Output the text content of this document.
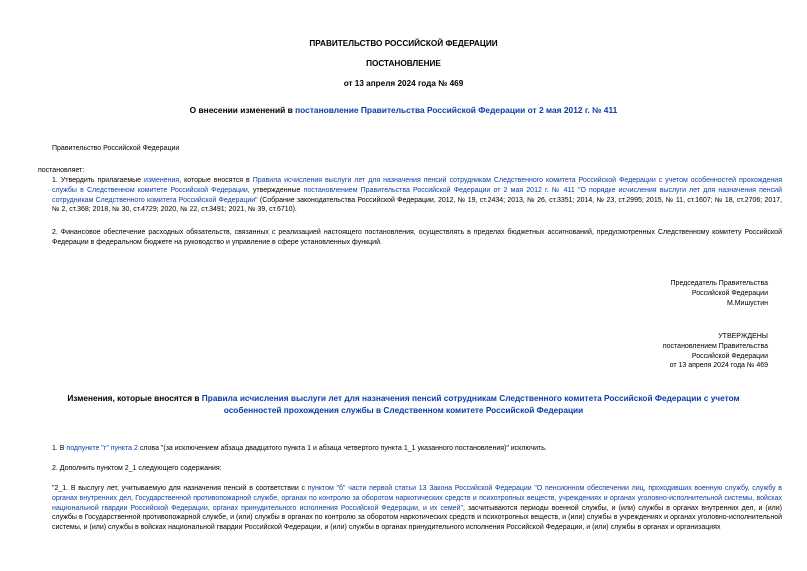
ПРАВИТЕЛЬСТВО РОССИЙСКОЙ ФЕДЕРАЦИИ
ПОСТАНОВЛЕНИЕ
от 13 апреля 2024 года № 469
О внесении изменений в постановление Правительства Российской Федерации от 2 мая 2012 г. № 411
Правительство Российской Федерации
постановляет:
1. Утвердить прилагаемые изменения, которые вносятся в Правила исчисления выслуги лет для назначения пенсий сотрудникам Следственного комитета Российской Федерации с учетом особенностей прохождения службы в Следственном комитете Российской Федерации, утвержденные постановлением Правительства Российской Федерации от 2 мая 2012 г. № 411 "О порядке исчисления выслуги лет для назначения пенсий сотрудникам Следственного комитета Российской Федерации" (Собрание законодательства Российской Федерации, 2012, № 19, ст.2434; 2013, № 26, ст.3351; 2014, № 23, ст.2995; 2015, № 11, ст.1607; № 18, ст.2706; 2017, № 2, ст.368; 2018, № 30, ст.4729; 2020, № 22, ст.3491; 2021, № 39, ст.6710).
2. Финансовое обеспечение расходных обязательств, связанных с реализацией настоящего постановления, осуществлять в пределах бюджетных ассигнований, предусмотренных Следственному комитету Российской Федерации в федеральном бюджете на руководство и управление в сфере установленных функций.
Председатель Правительства
Российской Федерации
М.Мишустин
УТВЕРЖДЕНЫ
постановлением Правительства
Российской Федерации
от 13 апреля 2024 года № 469
Изменения, которые вносятся в Правила исчисления выслуги лет для назначения пенсий сотрудникам Следственного комитета Российской Федерации с учетом особенностей прохождения службы в Следственном комитете Российской Федерации
1. В подпункте "г" пункта 2 слова "(за исключением абзаца двадцатого пункта 1 и абзаца четвертого пункта 1_1 указанного постановления)" исключить.
2. Дополнить пунктом 2_1 следующего содержания:
"2_1. В выслугу лет, учитываемую для назначения пенсий в соответствии с пунктом "б" части первой статьи 13 Закона Российской Федерации "О пенсионном обеспечении лиц, проходивших военную службу, службу в органах внутренних дел, Государственной противопожарной службе, органах по контролю за оборотом наркотических средств и психотропных веществ, учреждениях и органах уголовно-исполнительной системы, войсках национальной гвардии Российской Федерации, органах принудительного исполнения Российской Федерации, и их семей", засчитываются периоды военной службы, и (или) службы в органах внутренних дел, и (или) службы в Государственной противопожарной службе, и (или) службы в органах по контролю за оборотом наркотических средств и психотропных веществ, и (или) службы в учреждениях и органах уголовно-исполнительной системы, и (или) службы в войсках национальной гвардии Российской Федерации, и (или) службы в органах принудительного исполнения Российской Федерации, и (или) службы в органах и организациях
